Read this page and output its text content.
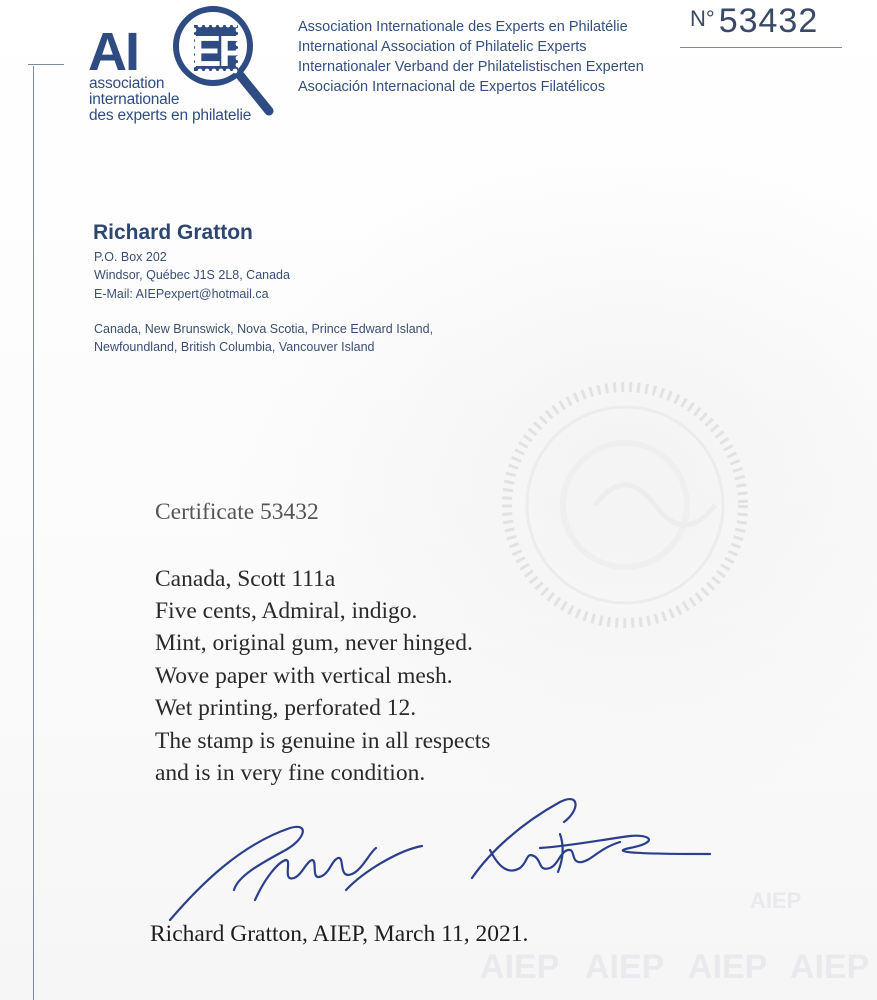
AI EP
association
internationale
des experts en philatelie
Association Internationale des Experts en Philatélie
International Association of Philatelic Experts
Internationaler Verband der Philatelistischen Experten
Asociación Internacional de Expertos Filatélicos
N° 53432
Richard Gratton
P.O. Box 202
Windsor, Québec J1S 2L8, Canada
E-Mail: AIEPexpert@hotmail.ca
Canada, New Brunswick, Nova Scotia, Prince Edward Island,
Newfoundland, British Columbia, Vancouver Island
AIEP AIEP AIEP AIEP
AIEP
Certificate 53432
Canada, Scott 111a
Five cents, Admiral, indigo.
Mint, original gum, never hinged.
Wove paper with vertical mesh.
Wet printing, perforated 12.
The stamp is genuine in all respects
and is in very fine condition.
Richard Gratton, AIEP, March 11, 2021.
